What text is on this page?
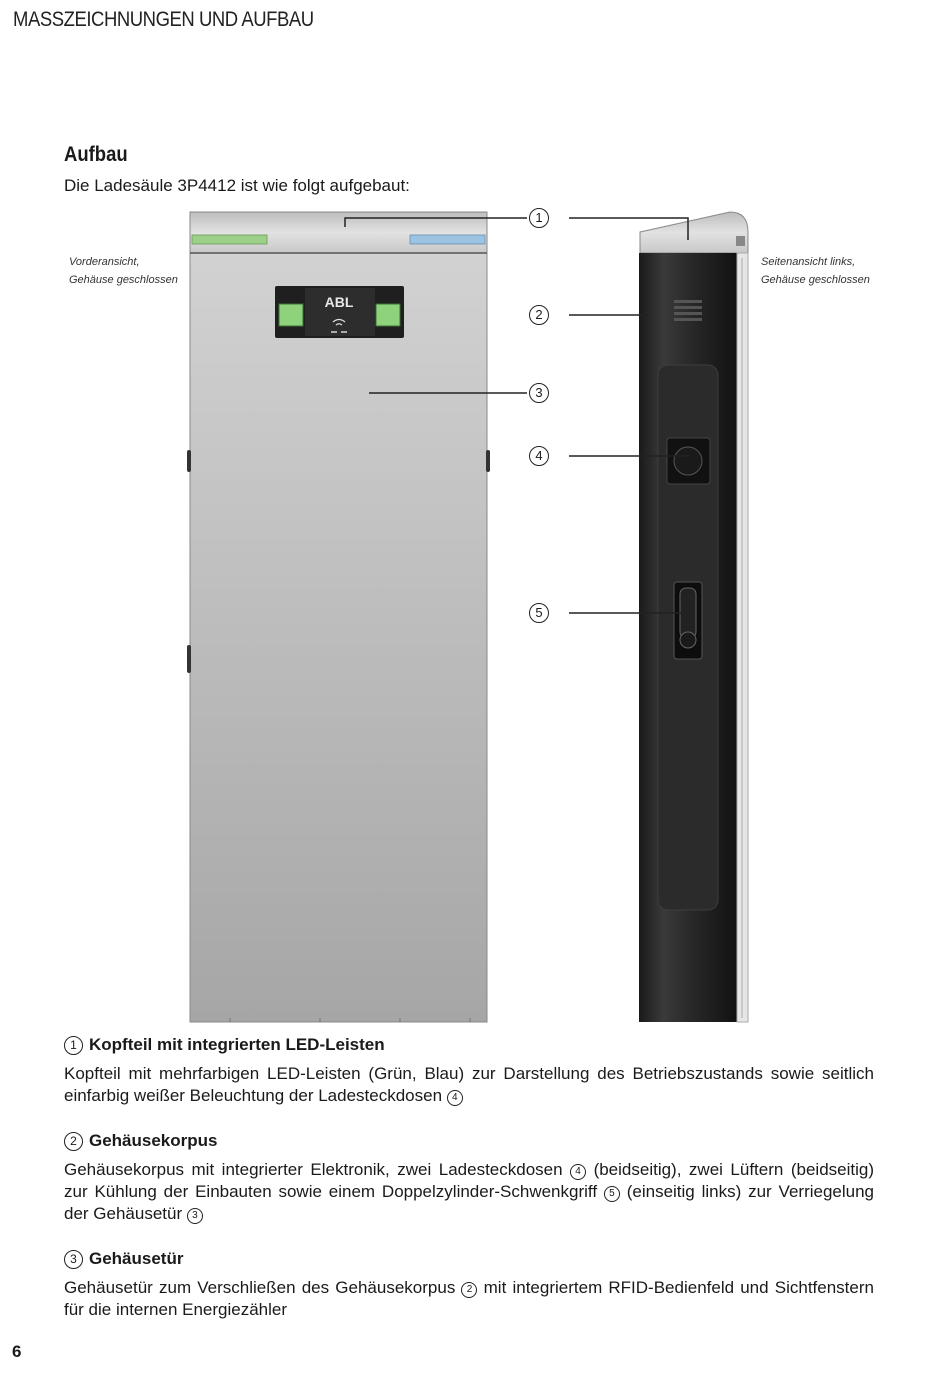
MASSZEICHNUNGEN UND AUFBAU
Aufbau
Die Ladesäule 3P4412 ist wie folgt aufgebaut:
ABL
Vorderansicht,
Gehäuse geschlossen
Seitenansicht links,
Gehäuse geschlossen
1
2
3
4
5
1 Kopfteil mit integrierten LED-Leisten
Kopfteil mit mehrfarbigen LED-Leisten (Grün, Blau) zur Darstellung des Betriebszustands sowie seitlich einfarbig weißer Beleuchtung der Ladesteckdosen 4
2 Gehäusekorpus
Gehäusekorpus mit integrierter Elektronik, zwei Ladesteckdosen 4 (beidseitig), zwei Lüftern (beidseitig) zur Kühlung der Einbauten sowie einem Doppelzylinder-Schwenkgriff 5 (einseitig links) zur Verriegelung der Gehäusetür 3
3 Gehäusetür
Gehäusetür zum Verschließen des Gehäusekorpus 2 mit integriertem RFID-Bedienfeld und Sichtfenstern für die internen Energiezähler
6
